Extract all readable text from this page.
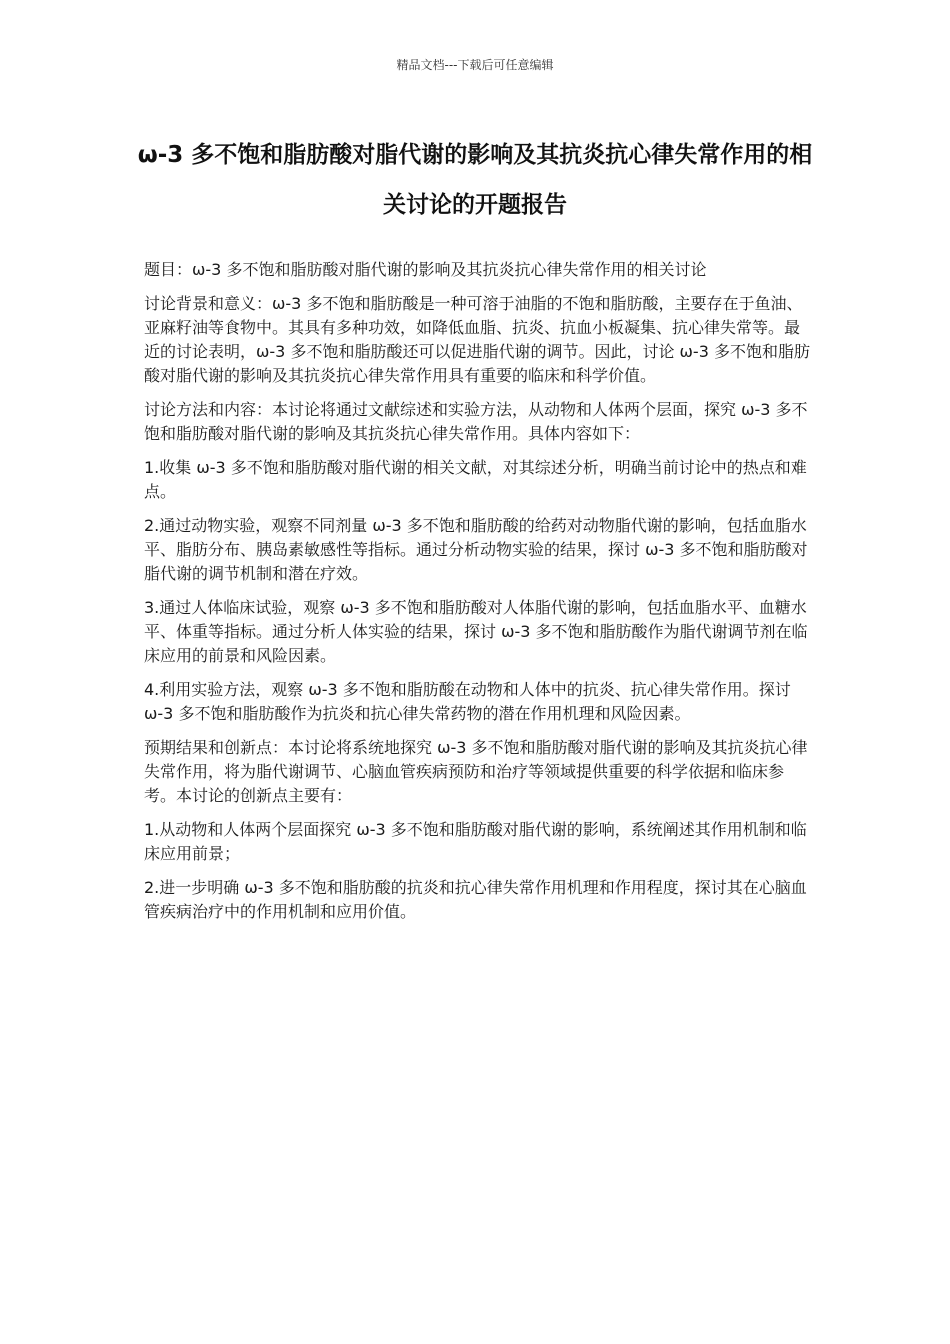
精品文档---下载后可任意编辑
ω-3 多不饱和脂肪酸对脂代谢的影响及其抗炎抗心律失常作用的相关讨论的开题报告

题目：ω-3 多不饱和脂肪酸对脂代谢的影响及其抗炎抗心律失常作用的相关讨论

讨论背景和意义：ω-3 多不饱和脂肪酸是一种可溶于油脂的不饱和脂肪酸，主要存在于鱼油、亚麻籽油等食物中。其具有多种功效，如降低血脂、抗炎、抗血小板凝集、抗心律失常等。最近的讨论表明，ω-3 多不饱和脂肪酸还可以促进脂代谢的调节。因此，讨论 ω-3 多不饱和脂肪酸对脂代谢的影响及其抗炎抗心律失常作用具有重要的临床和科学价值。

讨论方法和内容：本讨论将通过文献综述和实验方法，从动物和人体两个层面，探究 ω-3 多不饱和脂肪酸对脂代谢的影响及其抗炎抗心律失常作用。具体内容如下：

1.收集 ω-3 多不饱和脂肪酸对脂代谢的相关文献，对其综述分析，明确当前讨论中的热点和难点。

2.通过动物实验，观察不同剂量 ω-3 多不饱和脂肪酸的给药对动物脂代谢的影响，包括血脂水平、脂肪分布、胰岛素敏感性等指标。通过分析动物实验的结果，探讨 ω-3 多不饱和脂肪酸对脂代谢的调节机制和潜在疗效。

3.通过人体临床试验，观察 ω-3 多不饱和脂肪酸对人体脂代谢的影响，包括血脂水平、血糖水平、体重等指标。通过分析人体实验的结果，探讨 ω-3 多不饱和脂肪酸作为脂代谢调节剂在临床应用的前景和风险因素。

4.利用实验方法，观察 ω-3 多不饱和脂肪酸在动物和人体中的抗炎、抗心律失常作用。探讨 ω-3 多不饱和脂肪酸作为抗炎和抗心律失常药物的潜在作用机理和风险因素。

预期结果和创新点：本讨论将系统地探究 ω-3 多不饱和脂肪酸对脂代谢的影响及其抗炎抗心律失常作用，将为脂代谢调节、心脑血管疾病预防和治疗等领域提供重要的科学依据和临床参考。本讨论的创新点主要有：

1.从动物和人体两个层面探究 ω-3 多不饱和脂肪酸对脂代谢的影响，系统阐述其作用机制和临床应用前景；

2.进一步明确 ω-3 多不饱和脂肪酸的抗炎和抗心律失常作用机理和作用程度，探讨其在心脑血管疾病治疗中的作用机制和应用价值。
